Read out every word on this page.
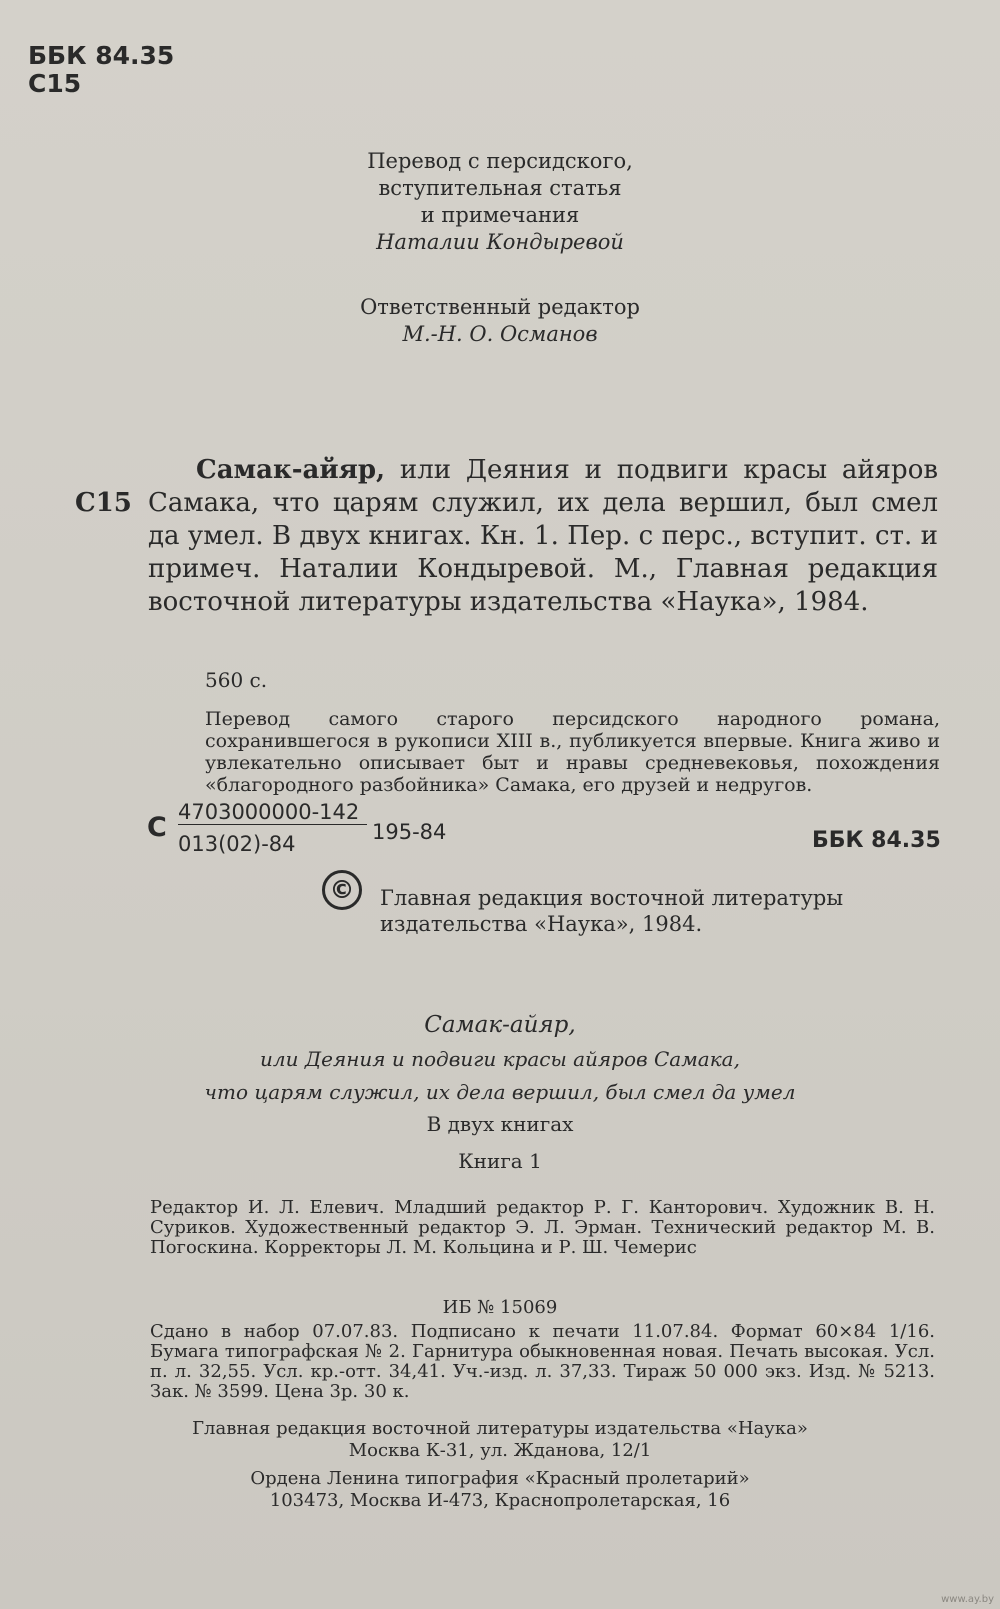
ББК 84.35
С15
Перевод с персидского,
вступительная статья
и примечания
Наталии Кондыревой
Ответственный редактор
М.-Н. О. Османов
С15
Самак-айяр, или Деяния и подвиги красы айяров Самака, что царям служил, их дела вершил, был смел да умел. В двух книгах. Кн. 1. Пер. с перс., вступит. ст. и примеч. Наталии Кондыревой. М., Главная редакция восточной литературы издательства «Наука», 1984.
560 с.
Перевод самого старого персидского народного романа, сохранившегося в рукописи XIII в., публикуется впервые. Книга живо и увлекательно описывает быт и нравы средневековья, похождения «благородного разбойника» Самака, его друзей и недругов.
С 4703000000-142
013(02)-84	195-84	ББК 84.35
©	Главная редакция восточной литературы издательства «Наука», 1984.
Самак-айяр,
или Деяния и подвиги красы айяров Самака,
что царям служил, их дела вершил, был смел да умел
В двух книгах
Книга 1
Редактор И. Л. Елевич. Младший редактор Р. Г. Канторович. Художник В. Н. Суриков. Художественный редактор Э. Л. Эрман. Технический редактор М. В. Погоскина. Корректоры Л. М. Кольцина и Р. Ш. Чемерис
ИБ № 15069
Сдано в набор 07.07.83. Подписано к печати 11.07.84. Формат 60×84 1/16. Бумага типографская № 2. Гарнитура обыкновенная новая. Печать высокая. Усл. п. л. 32,55. Усл. кр.-отт. 34,41. Уч.-изд. л. 37,33. Тираж 50 000 экз. Изд. № 5213. Зак. № 3599. Цена 3р. 30 к.
Главная редакция восточной литературы издательства «Наука»
Москва К-31, ул. Жданова, 12/1
Ордена Ленина типография «Красный пролетарий»
103473, Москва И-473, Краснопролетарская, 16
www.ay.by
